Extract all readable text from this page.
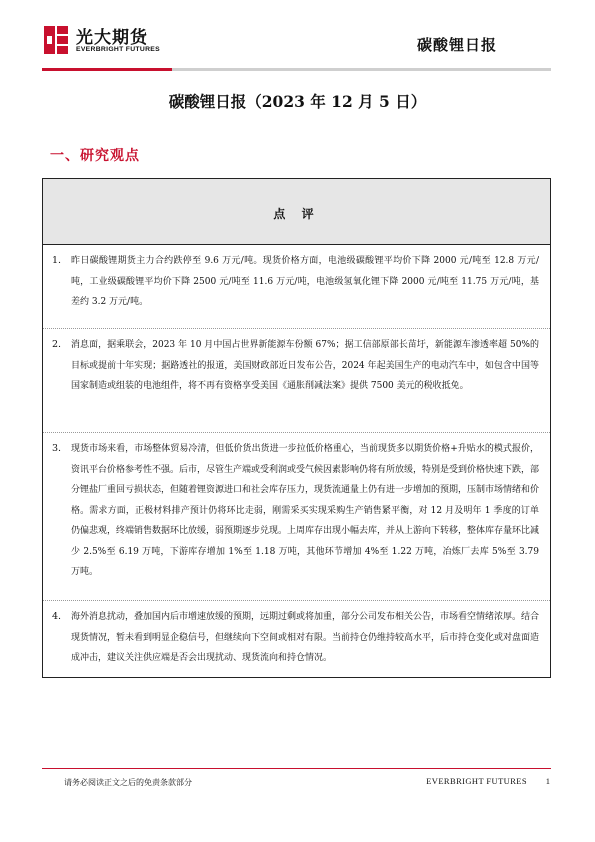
光大期货
EVERBRIGHT FUTURES	碳酸锂日报
碳酸锂日报（2023 年 12 月 5 日）
一、研究观点
点 评
1. 昨日碳酸锂期货主力合约跌停至 9.6 万元/吨。现货价格方面，电池级碳酸锂平均价下降 2000 元/吨至 12.8 万元/吨，工业级碳酸锂平均价下降 2500 元/吨至 11.6 万元/吨，电池级氢氧化锂下降 2000 元/吨至 11.75 万元/吨，基差约 3.2 万元/吨。
2. 消息面，据乘联会，2023 年 10 月中国占世界新能源车份额 67%；据工信部原部长苗圩，新能源车渗透率超 50%的目标或提前十年实现；据路透社的报道，美国财政部近日发布公告，2024 年起美国生产的电动汽车中，如包含中国等国家制造或组装的电池组件，将不再有资格享受美国《通胀削减法案》提供 7500 美元的税收抵免。
3. 现货市场来看，市场整体贸易冷清，但低价货出货进一步拉低价格重心，当前现货多以期货价格+升贴水的模式报价，资讯平台价格参考性不强。后市，尽管生产端或受利润或受气候因素影响仍将有所放缓，特别是受到价格快速下跌，部分锂盐厂重回亏损状态，但随着锂资源进口和社会库存压力，现货流通量上仍有进一步增加的预期，压制市场情绪和价格。需求方面，正极材料排产预计仍将环比走弱，刚需采买实现采购生产销售紧平衡，对 12 月及明年 1 季度的订单仍偏悲观，终端销售数据环比放缓，弱预期逐步兑现。上周库存出现小幅去库，并从上游向下转移，整体库存量环比减少 2.5%至 6.19 万吨，下游库存增加 1%至 1.18 万吨，其他环节增加 4%至 1.22 万吨，冶炼厂去库 5%至 3.79 万吨。
4. 海外消息扰动，叠加国内后市增速放缓的预期，远期过剩或将加重，部分公司发布相关公告，市场看空情绪浓厚。结合现货情况，暂未看到明显企稳信号，但继续向下空间或相对有限。当前持仓仍维持较高水平，后市持仓变化或对盘面造成冲击，建议关注供应端是否会出现扰动、现货流向和持仓情况。
请务必阅读正文之后的免责条款部分	EVERBRIGHT FUTURES 1
